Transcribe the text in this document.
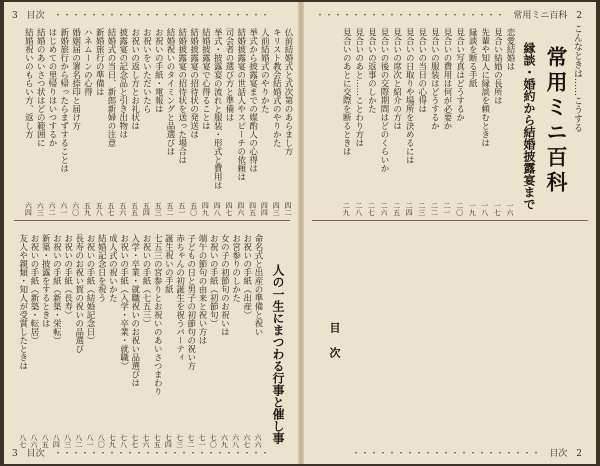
3 目次 ・・・・・・・・・・・・・・・・・・・・・・・・
仏前結婚式と式次第のあらまし方
四二
キリスト教会結婚式のやりかた
四三
人前結婚式のやりかた
四四
挙式から披露宴までの媒酌人の心得は
四五
結婚披露宴の世話人やスピーチの依頼は
四六
司会者の選び方と準備は
四七
挙式・披露宴の流れと服装・形式と費用は
四八
結婚披露宴で心得ることは
四九
結婚披露宴の招待状の発送は
五〇
結婚披露宴の招待状を送った場合は
五一
結婚祝いのタイミングと品選びは
五二
お祝いの手紙・電報は
五三
お祝いをいただいたら
五四
お祝いの返し方とお礼状は
五五
披露宴の記念品と引き出物は
五六
結婚式の当日、新郎新婦の注意
五七
新婚旅行の準備は
五八
ハネムーンの心得
五九
婚姻届の署名捺印と届け方
六〇
新婚旅行から帰ったらまずすることは
六一
はじめての里帰りはいつするか
六二
結婚のあいさつ状はどの範囲に
六三
結婚祝いのもらい方、返し方
六四
人の一生にまつわる行事と催し事
命名式と出産の準備と祝い
六六
お祝いの手紙（出産）
六七
お宮参りのしかた
六八
女の子の初節句のお祝いは
六九
お祝いの手紙（初節句）
七〇
端午の節句の由来と祝い方は
七一
子どもの日と男子の初節句の祝い方
七二
赤ちゃんの初誕生を祝うパーティ
七三
誕生祝いの手紙
七四
七五三の宮参りとお祝いのあいさつまわり
七五
お祝いの手紙（七五三）
七六
入学・卒業・就職祝いのお祝い品選びは
七七
お祝いの手紙（入学・卒業・就職）
七八
成人式の祝いかた
七九
結婚記念日を祝う
八〇
お祝いの手紙（結婚記念日）
八一
長寿のお祝い賀の祝いの品選び
八二
お祝いの手紙（長寿）
八三
お祝いの手紙（新築・栄転）
八四
新築・披露をするときは
八五
お祝いの手紙（新築・転居）
八六
友人や親類・知人が受賞したときは
八七
3 目次 ・・・・・・・・・・・・・・・・・・・・・・・・
・・・・・・・・・・・・・・・・・・・・・ 常用ミニ百科 2
こんなときは……こうする
常用ミニ百科
縁談・婚約から結婚披露宴まで
恋愛結婚は
一六
見合い結婚の長所は
一七
先輩や知人に縁談を頼むときは
一八
縁談を断る手紙
一九
見合い写真はどうするか
二〇
見合いの費用は何が必要か
二一
見合いの服装はどうするか
二二
見合いの当日の心得は
二三
見合いの日取りや場所を決めるには
二四
見合いの席次と紹介の方は
二五
見合いの後の交際期間はどのくらいか
二六
見合いの返事のしかた
二七
見合いのあと……ことわり方は
二八
見合いのあとに交際を断るときは
二九
目次
・・・・・・・・・・・・・・・・・・・・・ 目次 2
